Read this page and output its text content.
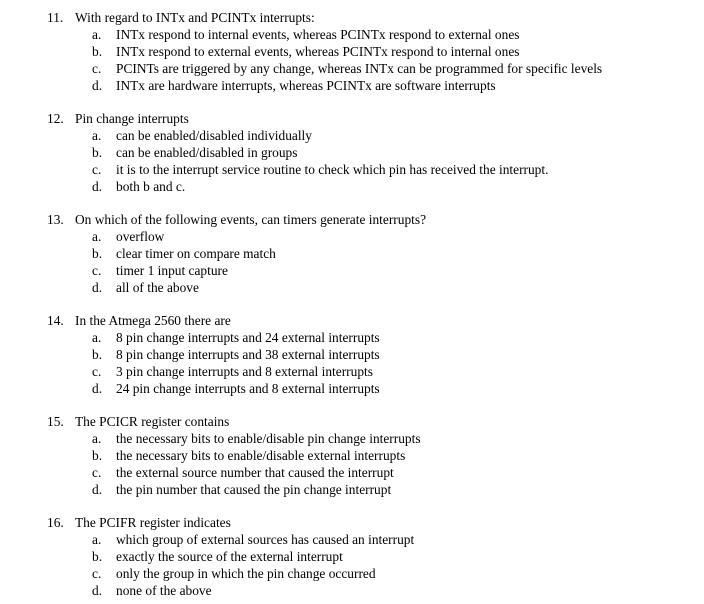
11. With regard to INTx and PCINTx interrupts:
a.	INTx respond to internal events, whereas PCINTx respond to external ones
b.	INTx respond to external events, whereas PCINTx respond to internal ones
c.	PCINTs are triggered by any change, whereas INTx can be programmed for specific levels
d.	INTx are hardware interrupts, whereas PCINTx are software interrupts
12. Pin change interrupts
a.	can be enabled/disabled individually
b.	can be enabled/disabled in groups
c.	it is to the interrupt service routine to check which pin has received the interrupt.
d.	both b and c.
13. On which of the following events, can timers generate interrupts?
a.	overflow
b.	clear timer on compare match
c.	timer 1 input capture
d.	all of the above
14. In the Atmega 2560 there are
a.	8 pin change interrupts and 24 external interrupts
b.	8 pin change interrupts and 38 external interrupts
c.	3 pin change interrupts and 8 external interrupts
d.	24 pin change interrupts and 8 external interrupts
15. The PCICR register contains
a.	the necessary bits to enable/disable pin change interrupts
b.	the necessary bits to enable/disable external interrupts
c.	the external source number that caused the interrupt
d.	the pin number that caused the pin change interrupt
16. The PCIFR register indicates
a.	which group of external sources has caused an interrupt
b.	exactly the source of the external interrupt
c.	only the group in which the pin change occurred
d.	none of the above
